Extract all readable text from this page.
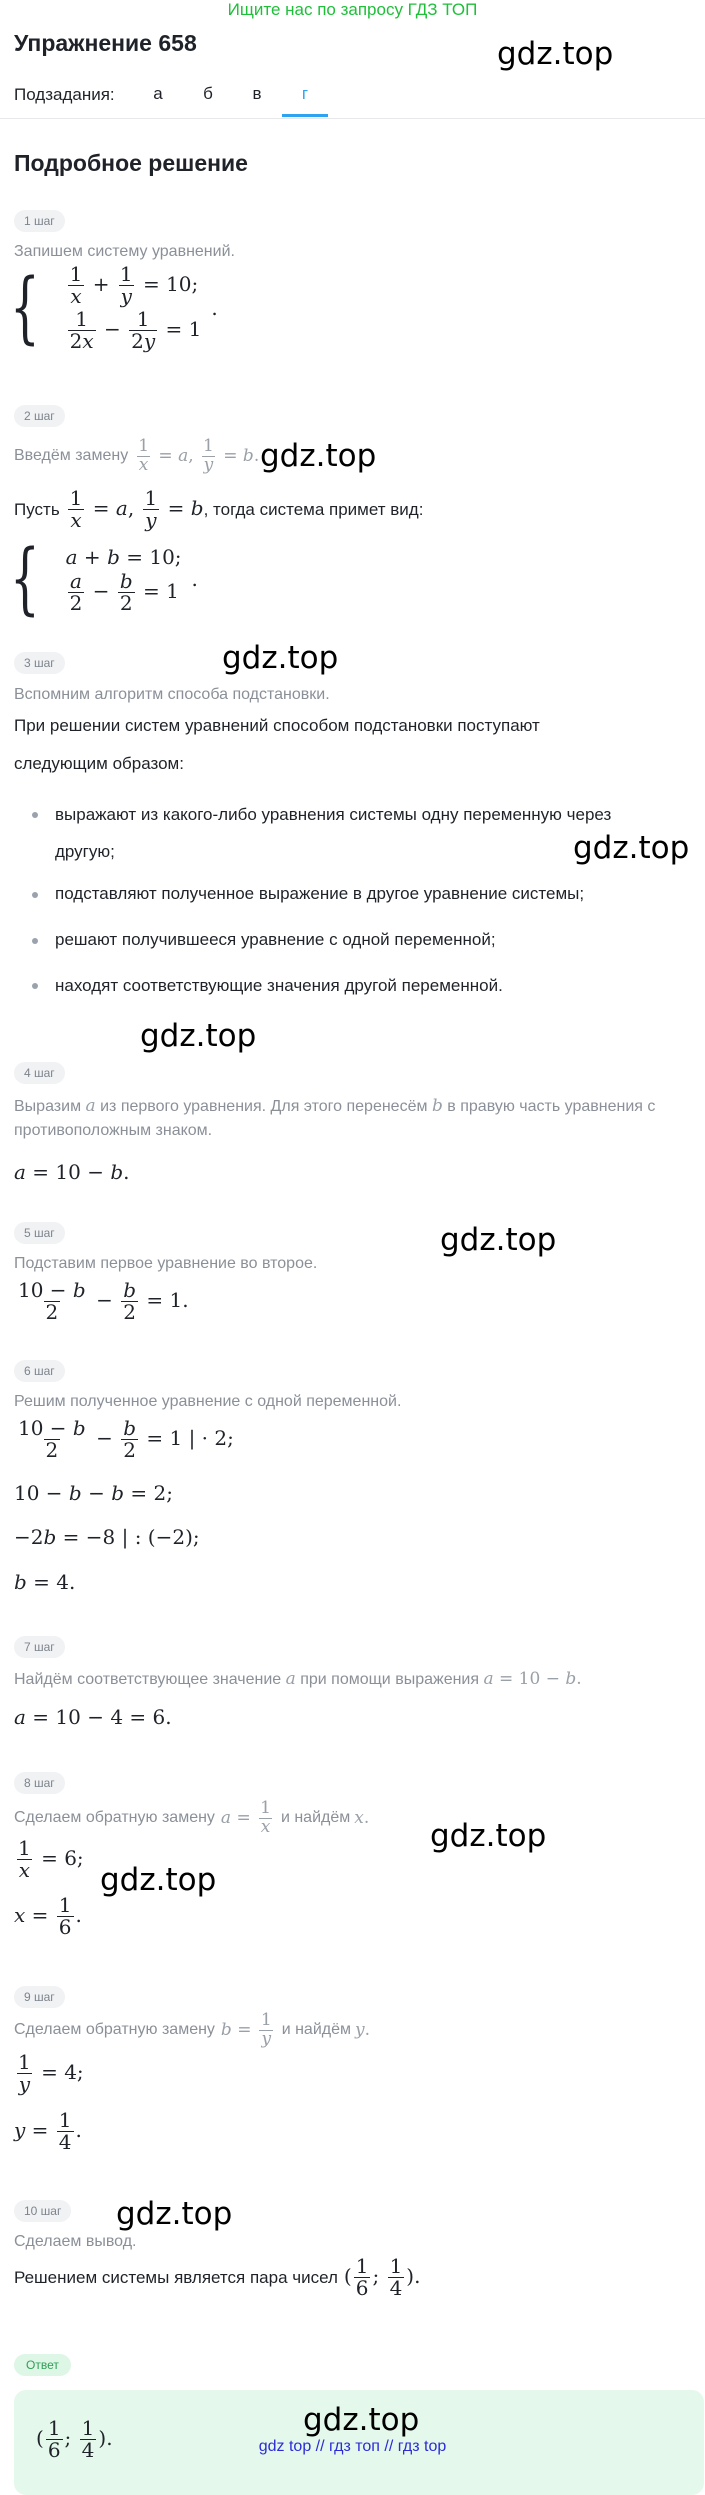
Ищите нас по запросу ГДЗ ТОП
Упражнение 658	gdz.top
Подзадания:	а	б	в	г
Подробное решение
1 шаг
Запишем систему уравнений.
{ $\frac{1}{x} + \frac{1}{y} = 10$;
$\frac{1}{2x} - \frac{1}{2y} = 1$
.
2 шаг
Введём замену $\frac{1}{x} = a$, $\frac{1}{y} = b$. gdz.top
Пусть $\frac{1}{x} = a$, $\frac{1}{y} = b$ , тогда система примет вид:
{ a + b = 10;
$\frac{a}{2} - \frac{b}{2} = 1$ .
gdz.top
3 шаг
Вспомним алгоритм способа подстановки.
При решении систем уравнений способом подстановки поступают
следующим образом:
выражают из какого-либо уравнения системы одну переменную через
другую;	gdz.top
подставляют полученное выражение в другое уравнение системы;
решают получившееся уравнение с одной переменной;
находят соответствующие значения другой переменной.
gdz.top
4 шаг
Выразим a из первого уравнения. Для этого перенесём b в правую часть уравнения с
противоположным знаком.
a = 10 − b.
gdz.top
5 шаг
Подставим первое уравнение во второе.
$\frac{10 - b}{2} - \frac{b}{2} = 1$.
6 шаг
Решим полученное уравнение с одной переменной.
$\frac{10 - b}{2} - \frac{b}{2} = 1$ | · 2;
10 − b − b = 2;
−2b = −8 | : (−2);
b = 4.
7 шаг
Найдём соответствующее значение a при помощи выражения a = 10 − b.
a = 10 − 4 = 6.
8 шаг
Сделаем обратную замену $a = \frac{1}{x}$ и найдём x. gdz.top
$\frac{1}{x} = 6$;
$x = \frac{1}{6}$ .
gdz.top
9 шаг
Сделаем обратную замену $b = \frac{1}{y}$ и найдём y.
$\frac{1}{y} = 4$;
$y = \frac{1}{4}$ .
gdz.top
10 шаг
Сделаем вывод.
Решением системы является пара чисел ( $\frac{1}{6}$ ; $\frac{1}{4}$ ).
Ответ
( $\frac{1}{6}$ ; $\frac{1}{4}$ ).	gdz.top
gdz top // гдз топ // гдз top
